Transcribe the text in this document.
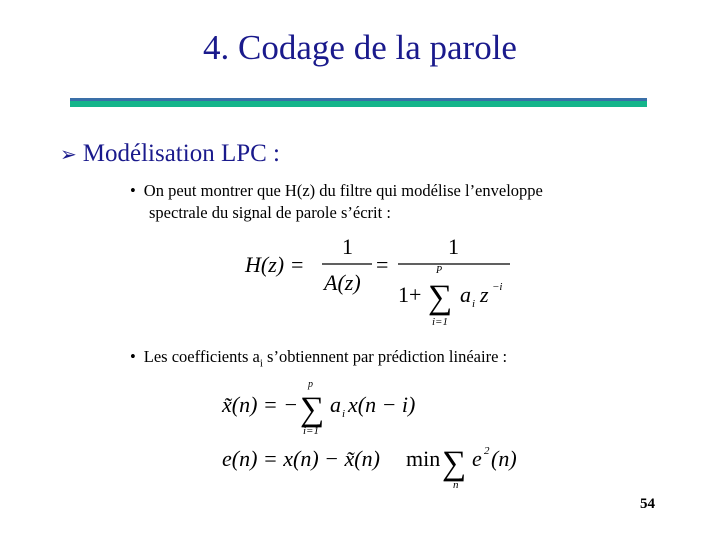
4. Codage de la parole
➢ Modélisation LPC :
• On peut montrer que H(z) du filtre qui modélise l’enveloppe
spectrale du signal de parole s’écrit :
H(z) =
1
A(z)
=
1
1+
P
∑
i=1
a i z −i
• Les coefficients $a_i$ s’obtiennent par prédiction linéaire :
x̃(n) = −
p
∑
i=1
a i x(n − i)
e(n) = x(n) − x̃(n) min ∑
n
e 2 (n)
54
